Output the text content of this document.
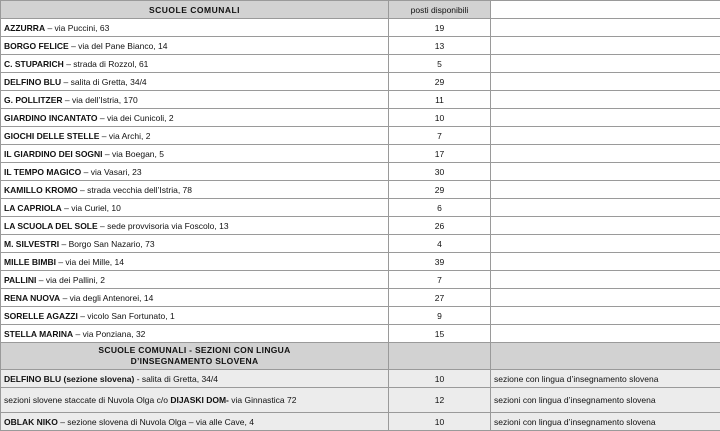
SCUOLE COMUNALI	posti disponibili	
AZZURRA – via Puccini, 63	19	
BORGO FELICE – via del Pane Bianco, 14	13	
C. STUPARICH – strada di Rozzol, 61	5	
DELFINO BLU – salita di Gretta, 34/4	29	
G. POLLITZER – via dell’Istria, 170	11	
GIARDINO INCANTATO – via dei Cunicoli, 2	10	
GIOCHI DELLE STELLE – via Archi, 2	7	
IL GIARDINO DEI SOGNI – via Boegan, 5	17	
IL TEMPO MAGICO – via Vasari, 23	30	
KAMILLO KROMO – strada vecchia dell’Istria, 78	29	
LA CAPRIOLA – via Curiel, 10	6	
LA SCUOLA DEL SOLE – sede provvisoria via Foscolo, 13	26	
M. SILVESTRI – Borgo San Nazario, 73	4	
MILLE BIMBI – via dei Mille, 14	39	
PALLINI – via dei Pallini, 2	7	
RENA NUOVA – via degli Antenorei, 14	27	
SORELLE AGAZZI – vicolo San Fortunato, 1	9	
STELLA MARINA – via Ponziana, 32	15	
SCUOLE COMUNALI - SEZIONI CON LINGUA
D’INSEGNAMENTO SLOVENA		
DELFINO BLU (sezione slovena) - salita di Gretta, 34/4	10	sezione con lingua d’insegnamento slovena
sezioni slovene staccate di Nuvola Olga c/o DIJASKI DOM- via Ginnastica 72	12	sezioni con lingua d’insegnamento slovena
OBLAK NIKO – sezione slovena di Nuvola Olga – via alle Cave, 4	10	sezioni con lingua d’insegnamento slovena
